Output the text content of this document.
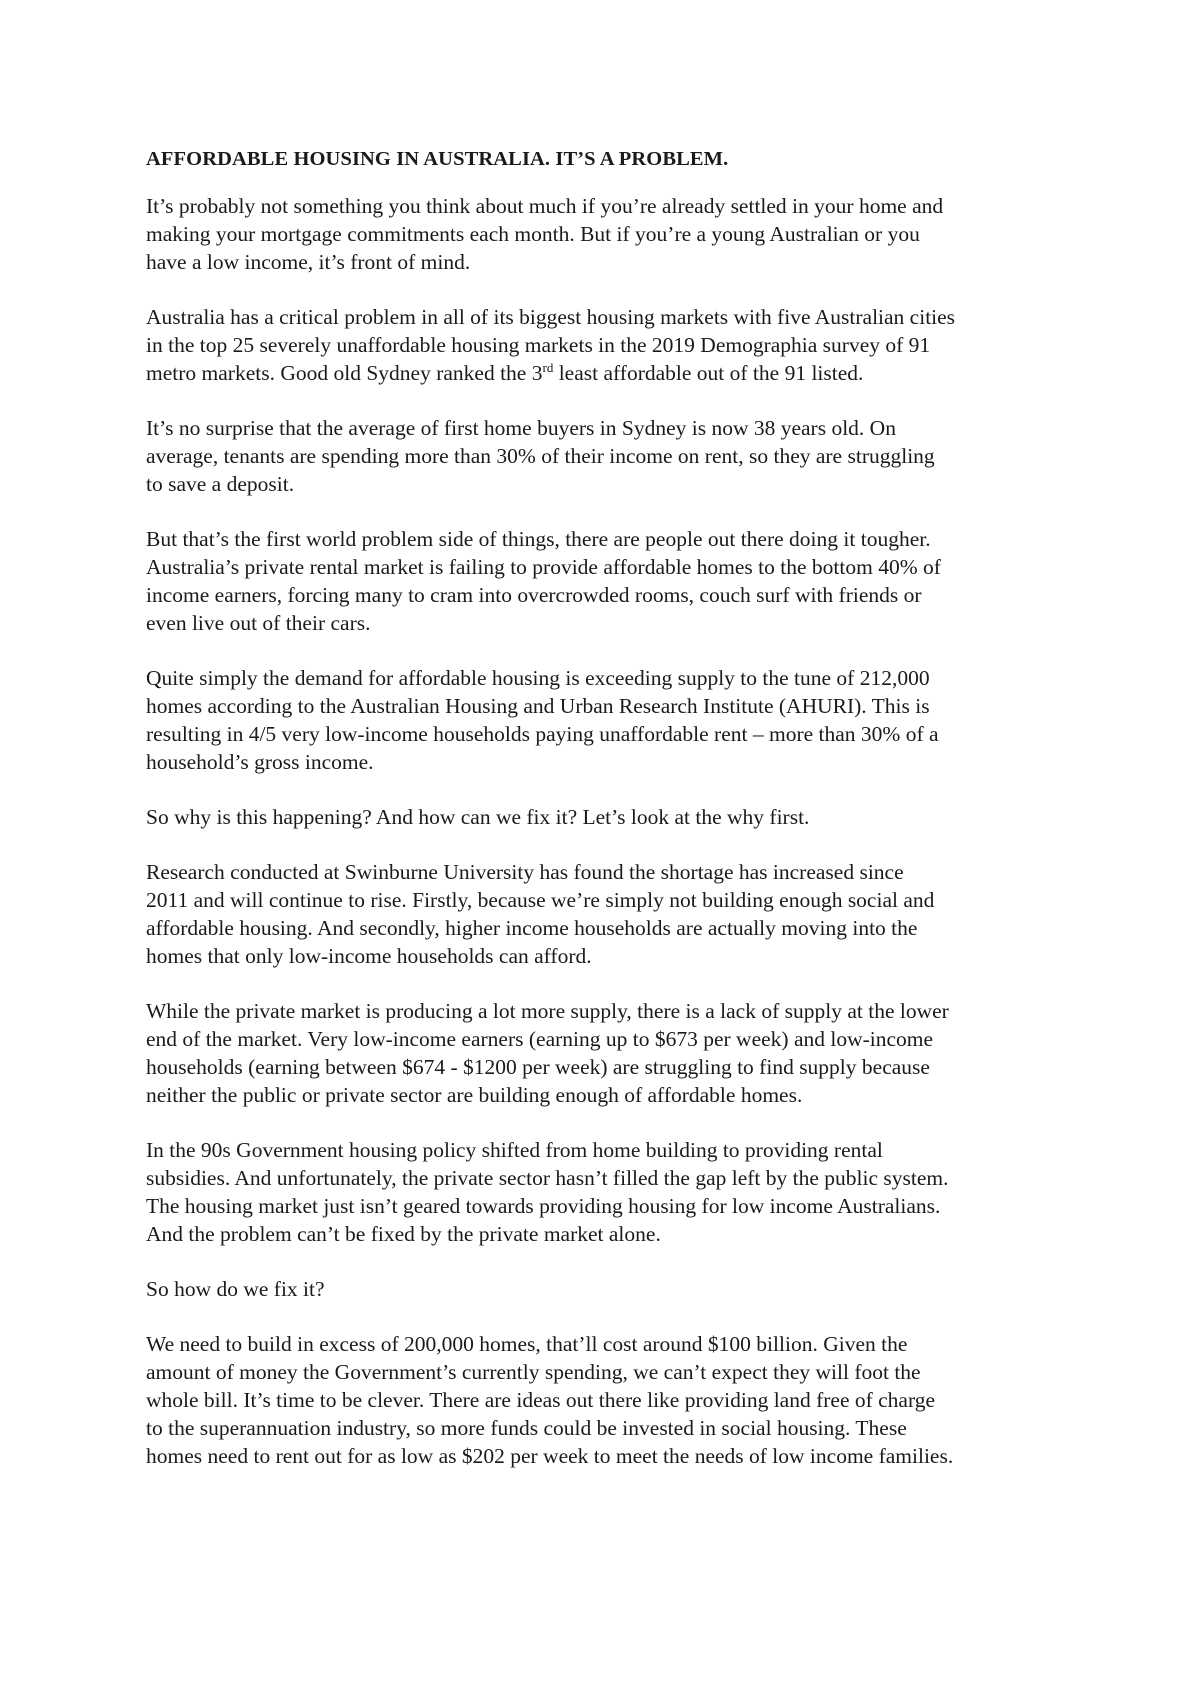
AFFORDABLE HOUSING IN AUSTRALIA. IT’S A PROBLEM.

It’s probably not something you think about much if you’re already settled in your home and
making your mortgage commitments each month. But if you’re a young Australian or you
have a low income, it’s front of mind.

Australia has a critical problem in all of its biggest housing markets with five Australian cities
in the top 25 severely unaffordable housing markets in the 2019 Demographia survey of 91
metro markets. Good old Sydney ranked the 3rd least affordable out of the 91 listed.

It’s no surprise that the average of first home buyers in Sydney is now 38 years old. On
average, tenants are spending more than 30% of their income on rent, so they are struggling
to save a deposit.

But that’s the first world problem side of things, there are people out there doing it tougher.
Australia’s private rental market is failing to provide affordable homes to the bottom 40% of
income earners, forcing many to cram into overcrowded rooms, couch surf with friends or
even live out of their cars.

Quite simply the demand for affordable housing is exceeding supply to the tune of 212,000
homes according to the Australian Housing and Urban Research Institute (AHURI). This is
resulting in 4/5 very low-income households paying unaffordable rent – more than 30% of a
household’s gross income.

So why is this happening? And how can we fix it? Let’s look at the why first.

Research conducted at Swinburne University has found the shortage has increased since
2011 and will continue to rise. Firstly, because we’re simply not building enough social and
affordable housing. And secondly, higher income households are actually moving into the
homes that only low-income households can afford.

While the private market is producing a lot more supply, there is a lack of supply at the lower
end of the market. Very low-income earners (earning up to $673 per week) and low-income
households (earning between $674 - $1200 per week) are struggling to find supply because
neither the public or private sector are building enough of affordable homes.

In the 90s Government housing policy shifted from home building to providing rental
subsidies. And unfortunately, the private sector hasn’t filled the gap left by the public system.
The housing market just isn’t geared towards providing housing for low income Australians.
And the problem can’t be fixed by the private market alone.

So how do we fix it?

We need to build in excess of 200,000 homes, that’ll cost around $100 billion. Given the
amount of money the Government’s currently spending, we can’t expect they will foot the
whole bill. It’s time to be clever. There are ideas out there like providing land free of charge
to the superannuation industry, so more funds could be invested in social housing. These
homes need to rent out for as low as $202 per week to meet the needs of low income families.
